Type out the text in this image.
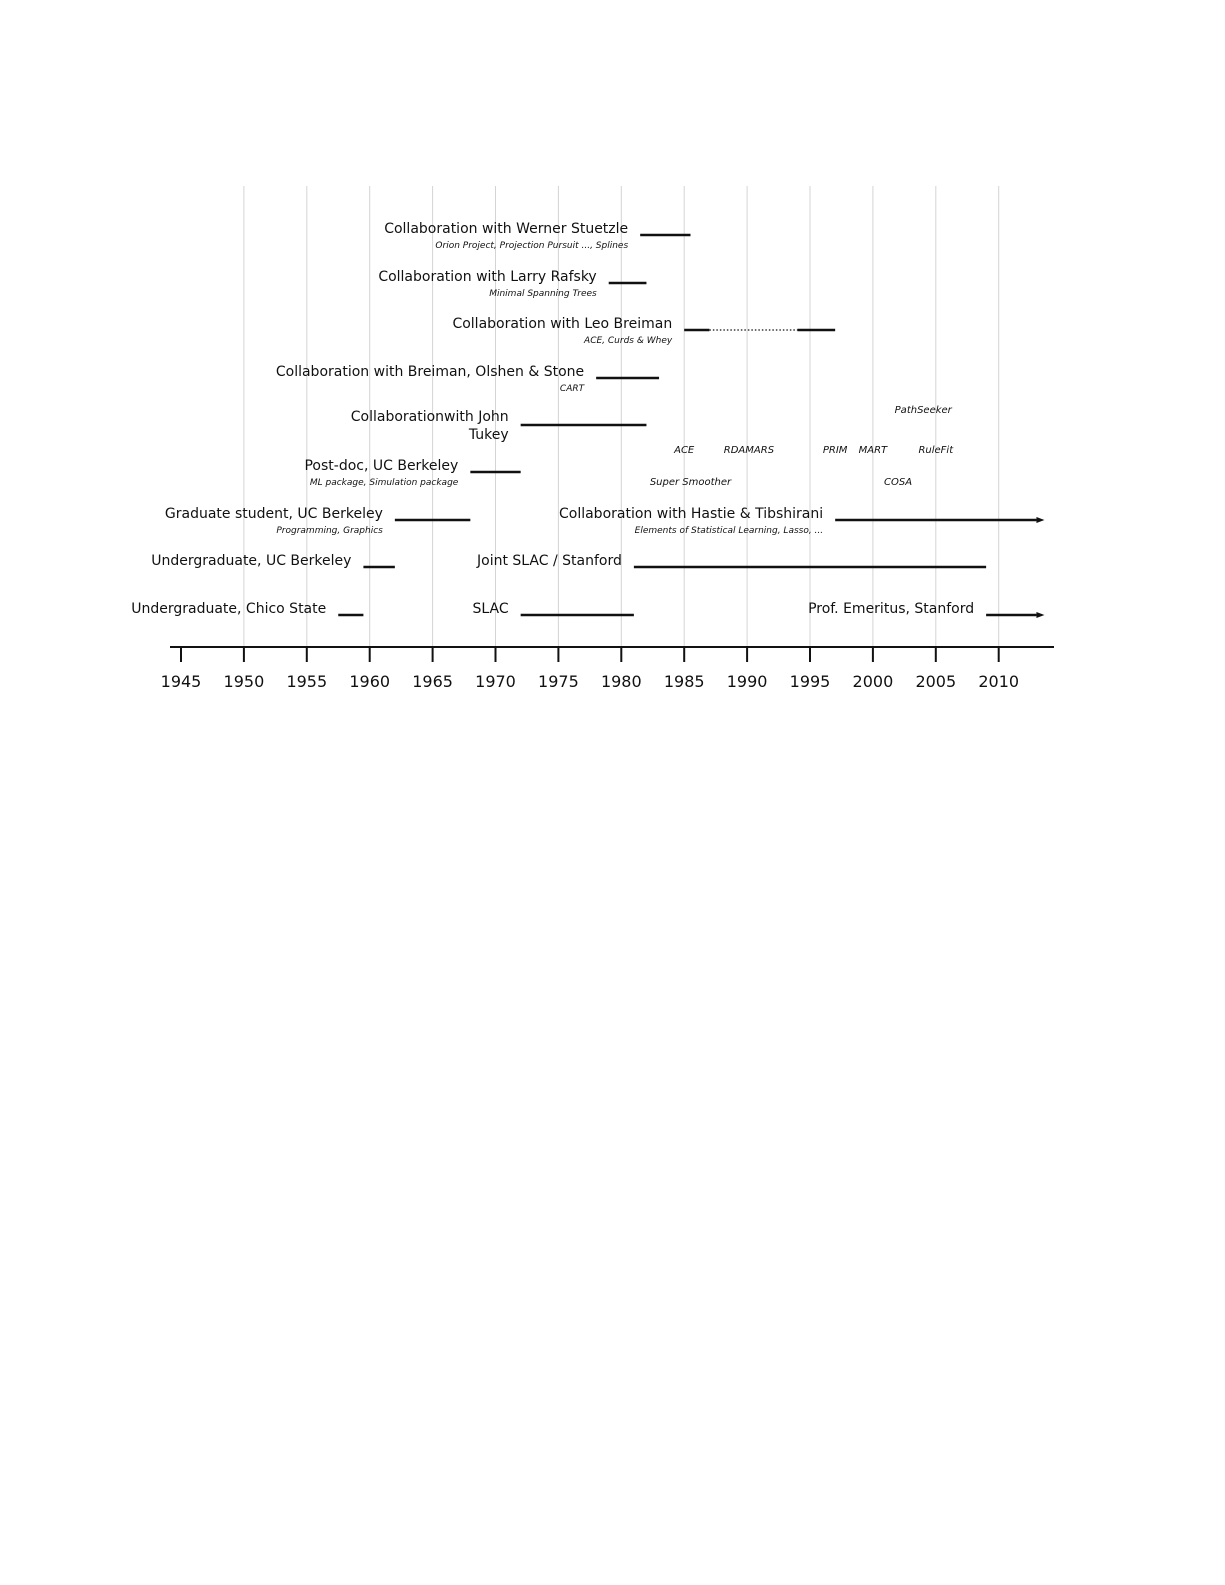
1945 1950 1955 1960 1965 1970 1975 1980 1985 1990 1995 2000 2005 2010
Collaboration with Werner Stuetzle
Orion Project, Projection Pursuit ..., Splines
Collaboration with Larry Rafsky
Minimal Spanning Trees
Collaboration with Leo Breiman
ACE, Curds & Whey
Collaboration with Breiman, Olshen & Stone
CART
Collaborationwith John
Tukey
Post-doc, UC Berkeley
ML package, Simulation package
Graduate student, UC Berkeley
Programming, Graphics
Collaboration with Hastie & Tibshirani
Elements of Statistical Learning, Lasso, ...
Undergraduate, UC Berkeley	Joint SLAC / Stanford
Undergraduate, Chico State	SLAC	Prof. Emeritus, Stanford
PathSeeker
ACE	RDA MARS	PRIM MART	RuleFit
Super Smoother	COSA
